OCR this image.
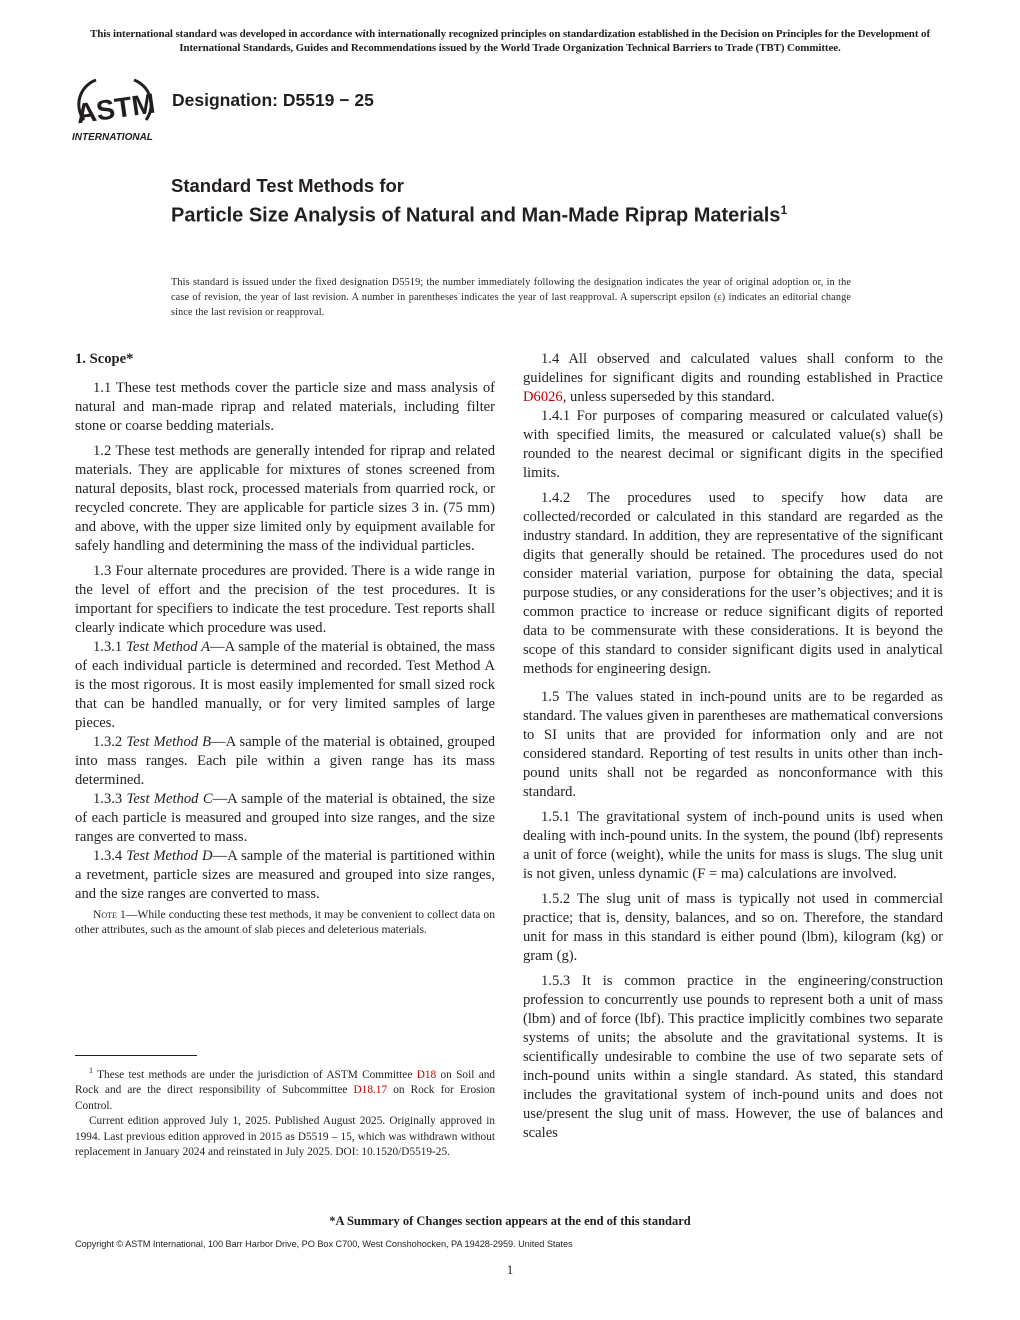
This international standard was developed in accordance with internationally recognized principles on standardization established in the Decision on Principles for the Development of International Standards, Guides and Recommendations issued by the World Trade Organization Technical Barriers to Trade (TBT) Committee.
ASTM
INTERNATIONAL
Designation: D5519 − 25
Standard Test Methods for
Particle Size Analysis of Natural and Man-Made Riprap Materials$^1$
This standard is issued under the fixed designation D5519; the number immediately following the designation indicates the year of original adoption or, in the case of revision, the year of last revision. A number in parentheses indicates the year of last reapproval. A superscript epsilon (ε) indicates an editorial change since the last revision or reapproval.
1. Scope*

1.1 These test methods cover the particle size and mass analysis of natural and man-made riprap and related materials, including filter stone or coarse bedding materials.

1.2 These test methods are generally intended for riprap and related materials. They are applicable for mixtures of stones screened from natural deposits, blast rock, processed materials from quarried rock, or recycled concrete. They are applicable for particle sizes 3 in. (75 mm) and above, with the upper size limited only by equipment available for safely handling and determining the mass of the individual particles.

1.3 Four alternate procedures are provided. There is a wide range in the level of effort and the precision of the test procedures. It is important for specifiers to indicate the test procedure. Test reports shall clearly indicate which procedure was used.

1.3.1 Test Method A—A sample of the material is obtained, the mass of each individual particle is determined and recorded. Test Method A is the most rigorous. It is most easily implemented for small sized rock that can be handled manually, or for very limited samples of large pieces.

1.3.2 Test Method B—A sample of the material is obtained, grouped into mass ranges. Each pile within a given range has its mass determined.

1.3.3 Test Method C—A sample of the material is obtained, the size of each particle is measured and grouped into size ranges, and the size ranges are converted to mass.

1.3.4 Test Method D—A sample of the material is partitioned within a revetment, particle sizes are measured and grouped into size ranges, and the size ranges are converted to mass.

Note 1—While conducting these test methods, it may be convenient to collect data on other attributes, such as the amount of slab pieces and deleterious materials.

1.4 All observed and calculated values shall conform to the guidelines for significant digits and rounding established in Practice D6026, unless superseded by this standard.

1.4.1 For purposes of comparing measured or calculated value(s) with specified limits, the measured or calculated value(s) shall be rounded to the nearest decimal or significant digits in the specified limits.

1.4.2 The procedures used to specify how data are collected/recorded or calculated in this standard are regarded as the industry standard. In addition, they are representative of the significant digits that generally should be retained. The procedures used do not consider material variation, purpose for obtaining the data, special purpose studies, or any considerations for the user’s objectives; and it is common practice to increase or reduce significant digits of reported data to be commensurate with these considerations. It is beyond the scope of this standard to consider significant digits used in analytical methods for engineering design.

1.5 The values stated in inch-pound units are to be regarded as standard. The values given in parentheses are mathematical conversions to SI units that are provided for information only and are not considered standard. Reporting of test results in units other than inch-pound units shall not be regarded as nonconformance with this standard.

1.5.1 The gravitational system of inch-pound units is used when dealing with inch-pound units. In the system, the pound (lbf) represents a unit of force (weight), while the units for mass is slugs. The slug unit is not given, unless dynamic (F = ma) calculations are involved.

1.5.2 The slug unit of mass is typically not used in commercial practice; that is, density, balances, and so on. Therefore, the standard unit for mass in this standard is either pound (lbm), kilogram (kg) or gram (g).

1.5.3 It is common practice in the engineering/construction profession to concurrently use pounds to represent both a unit of mass (lbm) and of force (lbf). This practice implicitly combines two separate systems of units; the absolute and the gravitational systems. It is scientifically undesirable to combine the use of two separate sets of inch-pound units within a single standard. As stated, this standard includes the gravitational system of inch-pound units and does not use/present the slug unit of mass. However, the use of balances and scales

$^1$ These test methods are under the jurisdiction of ASTM Committee D18 on Soil and Rock and are the direct responsibility of Subcommittee D18.17 on Rock for Erosion Control.

Current edition approved July 1, 2025. Published August 2025. Originally approved in 1994. Last previous edition approved in 2015 as D5519 – 15, which was withdrawn without replacement in January 2024 and reinstated in July 2025. DOI: 10.1520/D5519-25.

*A Summary of Changes section appears at the end of this standard
Copyright © ASTM International, 100 Barr Harbor Drive, PO Box C700, West Conshohocken, PA 19428-2959. United States
1
